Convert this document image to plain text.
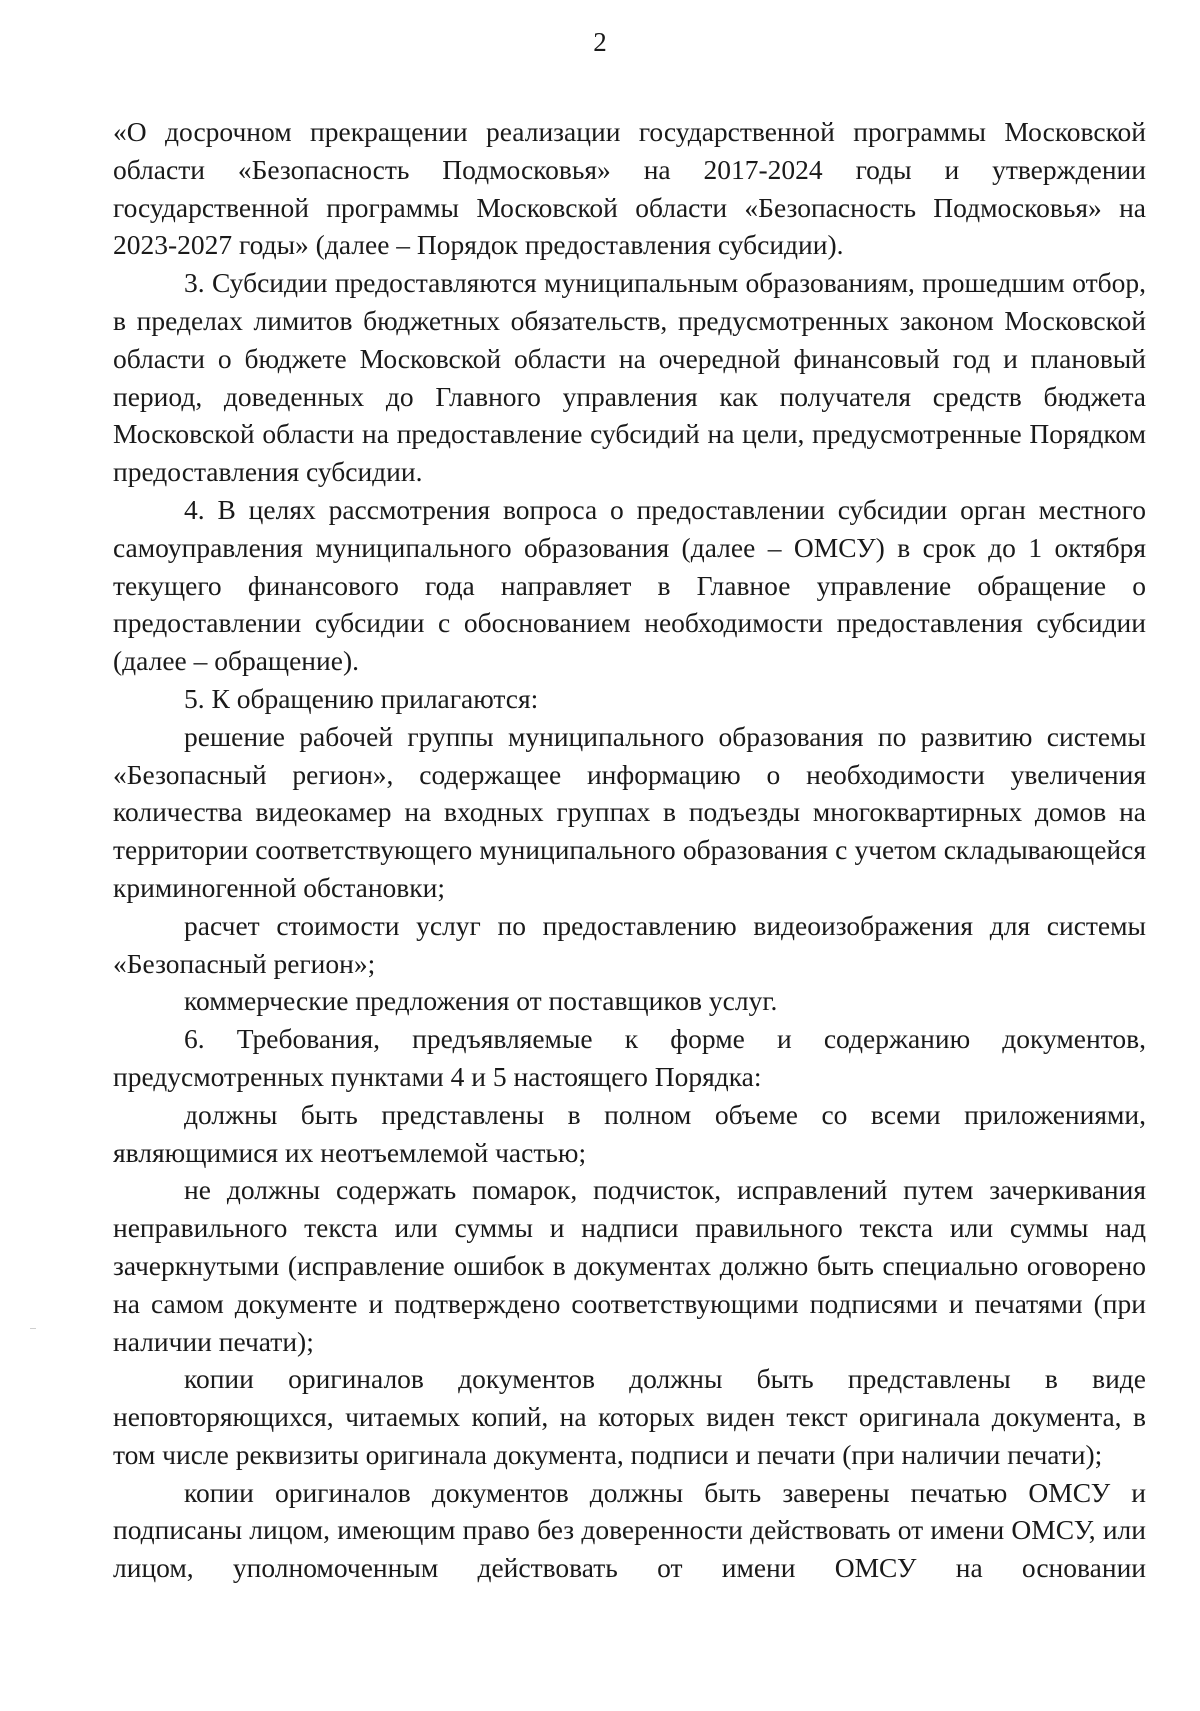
2

«О досрочном прекращении реализации государственной программы Московской области «Безопасность Подмосковья» на 2017-2024 годы и утверждении государственной программы Московской области «Безопасность Подмосковья» на 2023-2027 годы» (далее – Порядок предоставления субсидии).

3. Субсидии предоставляются муниципальным образованиям, прошедшим отбор, в пределах лимитов бюджетных обязательств, предусмотренных законом Московской области о бюджете Московской области на очередной финансовый год и плановый период, доведенных до Главного управления как получателя средств бюджета Московской области на предоставление субсидий на цели, предусмотренные Порядком предоставления субсидии.

4. В целях рассмотрения вопроса о предоставлении субсидии орган местного самоуправления муниципального образования (далее – ОМСУ) в срок до 1 октября текущего финансового года направляет в Главное управление обращение о предоставлении субсидии с обоснованием необходимости предоставления субсидии (далее – обращение).

5. К обращению прилагаются:

решение рабочей группы муниципального образования по развитию системы «Безопасный регион», содержащее информацию о необходимости увеличения количества видеокамер на входных группах в подъезды многоквартирных домов на территории соответствующего муниципального образования с учетом складывающейся криминогенной обстановки;

расчет стоимости услуг по предоставлению видеоизображения для системы «Безопасный регион»;

коммерческие предложения от поставщиков услуг.

6. Требования, предъявляемые к форме и содержанию документов, предусмотренных пунктами 4 и 5 настоящего Порядка:

должны быть представлены в полном объеме со всеми приложениями, являющимися их неотъемлемой частью;

не должны содержать помарок, подчисток, исправлений путем зачеркивания неправильного текста или суммы и надписи правильного текста или суммы над зачеркнутыми (исправление ошибок в документах должно быть специально оговорено на самом документе и подтверждено соответствующими подписями и печатями (при наличии печати);

копии оригиналов документов должны быть представлены в виде неповторяющихся, читаемых копий, на которых виден текст оригинала документа, в том числе реквизиты оригинала документа, подписи и печати (при наличии печати);

копии оригиналов документов должны быть заверены печатью ОМСУ и подписаны лицом, имеющим право без доверенности действовать от имени ОМСУ, или лицом, уполномоченным действовать от имени ОМСУ на основании
